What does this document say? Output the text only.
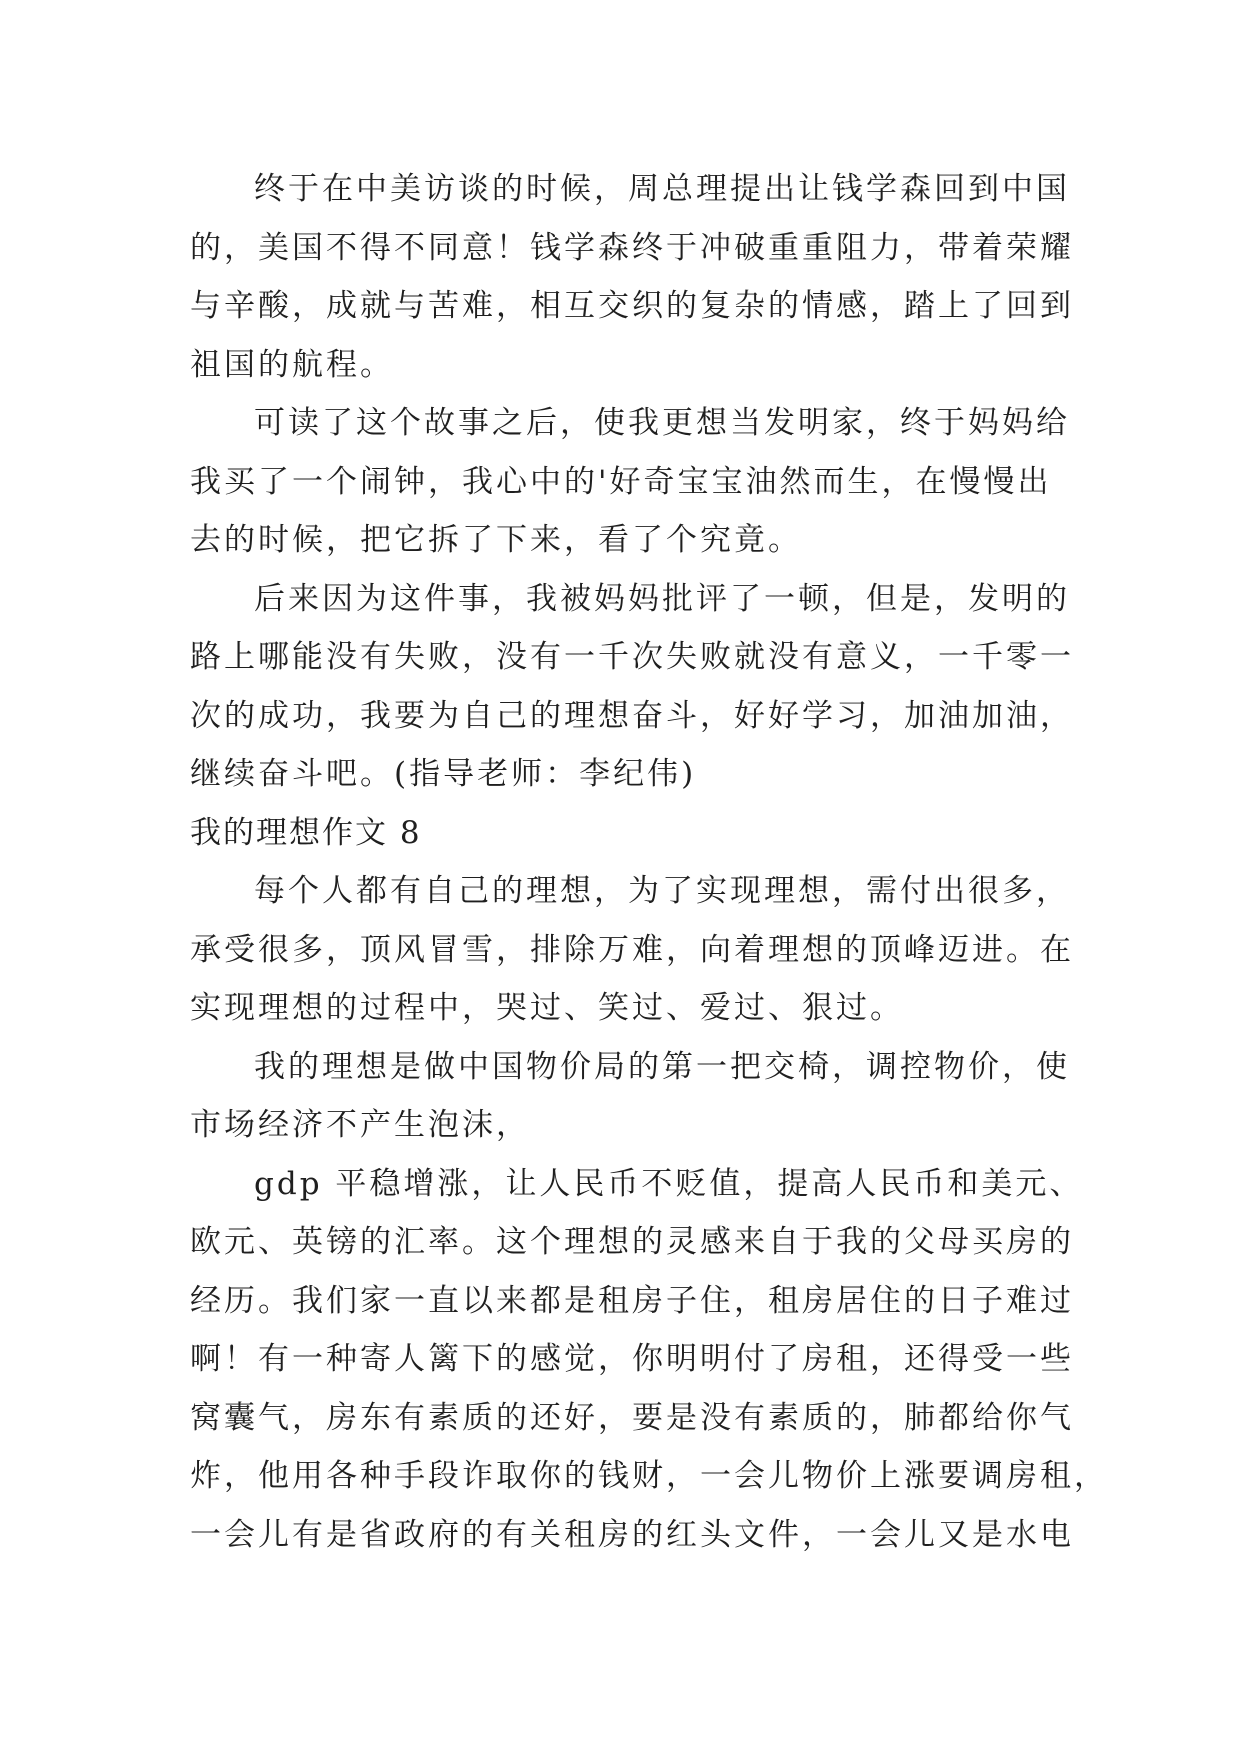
终于在中美访谈的时候，周总理提出让钱学森回到中国
的，美国不得不同意！钱学森终于冲破重重阻力，带着荣耀
与辛酸，成就与苦难，相互交织的复杂的情感，踏上了回到
祖国的航程。
可读了这个故事之后，使我更想当发明家，终于妈妈给
我买了一个闹钟，我心中的'好奇宝宝油然而生，在慢慢出
去的时候，把它拆了下来，看了个究竟。
后来因为这件事，我被妈妈批评了一顿，但是，发明的
路上哪能没有失败，没有一千次失败就没有意义，一千零一
次的成功，我要为自己的理想奋斗，好好学习，加油加油，
继续奋斗吧。(指导老师：李纪伟)
我的理想作文 8
每个人都有自己的理想，为了实现理想，需付出很多，
承受很多，顶风冒雪，排除万难，向着理想的顶峰迈进。在
实现理想的过程中，哭过、笑过、爱过、狠过。
我的理想是做中国物价局的第一把交椅，调控物价，使
市场经济不产生泡沫，
gdp 平稳增涨，让人民币不贬值，提高人民币和美元、
欧元、英镑的汇率。这个理想的灵感来自于我的父母买房的
经历。我们家一直以来都是租房子住，租房居住的日子难过
啊！有一种寄人篱下的感觉，你明明付了房租，还得受一些
窝囊气，房东有素质的还好，要是没有素质的，肺都给你气
炸，他用各种手段诈取你的钱财，一会儿物价上涨要调房租，
一会儿有是省政府的有关租房的红头文件，一会儿又是水电
